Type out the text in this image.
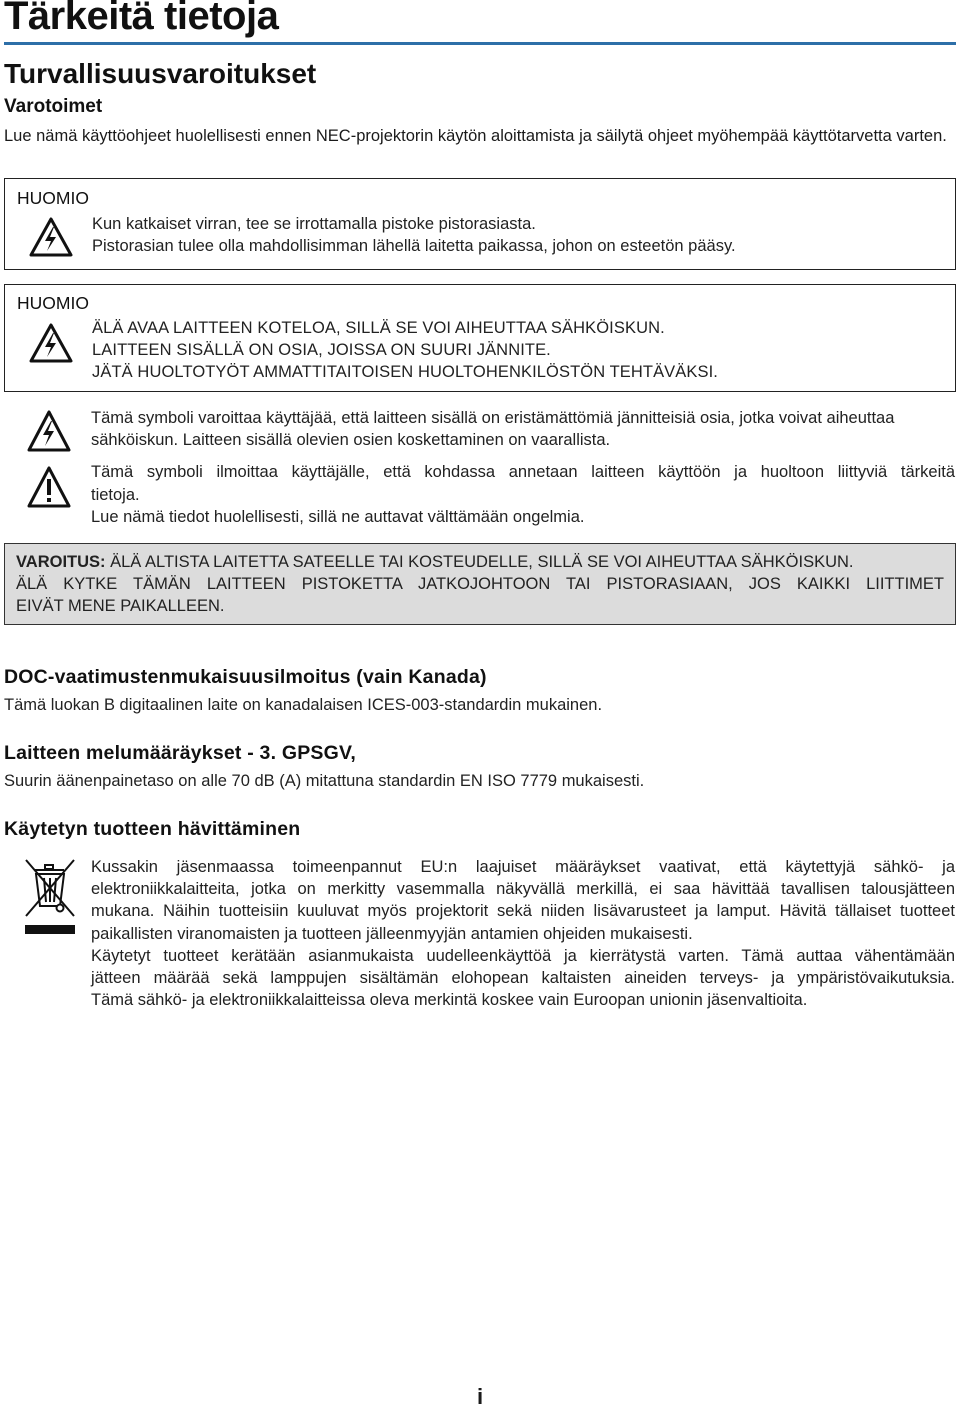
Tärkeitä tietoja
Turvallisuusvaroitukset
Varotoimet

Lue nämä käyttöohjeet huolellisesti ennen NEC-projektorin käytön aloittamista ja säilytä ohjeet myöhempää käyttötarvetta varten.

HUOMIO
Kun katkaiset virran, tee se irrottamalla pistoke pistorasiasta.
Pistorasian tulee olla mahdollisimman lähellä laitetta paikassa, johon on esteetön pääsy.
HUOMIO
ÄLÄ AVAA LAITTEEN KOTELOA, SILLÄ SE VOI AIHEUTTAA SÄHKÖISKUN.
LAITTEEN SISÄLLÄ ON OSIA, JOISSA ON SUURI JÄNNITE.
JÄTÄ HUOLTOTYÖT AMMATTITAITOISEN HUOLTOHENKILÖSTÖN TEHTÄVÄKSI.
Tämä symboli varoittaa käyttäjää, että laitteen sisällä on eristämättömiä jännitteisiä osia, jotka voivat aiheuttaa
sähköiskun. Laitteen sisällä olevien osien koskettaminen on vaarallista.
Tämä symboli ilmoittaa käyttäjälle, että kohdassa annetaan laitteen käyttöön ja huoltoon liittyviä tärkeitä
tietoja.
Lue nämä tiedot huolellisesti, sillä ne auttavat välttämään ongelmia.
VAROITUS: ÄLÄ ALTISTA LAITETTA SATEELLE TAI KOSTEUDELLE, SILLÄ SE VOI AIHEUTTAA SÄHKÖISKUN.
ÄLÄ KYTKE TÄMÄN LAITTEEN PISTOKETTA JATKOJOHTOON TAI PISTORASIAAN, JOS KAIKKI LIITTIMET
EIVÄT MENE PAIKALLEEN.
DOC-vaatimustenmukaisuusilmoitus (vain Kanada)

Tämä luokan B digitaalinen laite on kanadalaisen ICES-003-standardin mukainen.

Laitteen melumääräykset - 3. GPSGV,

Suurin äänenpainetaso on alle 70 dB (A) mitattuna standardin EN ISO 7779 mukaisesti.

Käytetyn tuotteen hävittäminen
Kussakin jäsenmaassa toimeenpannut EU:n laajuiset määräykset vaativat, että käytettyjä sähkö- ja
elektroniikkalaitteita, jotka on merkitty vasemmalla näkyvällä merkillä, ei saa hävittää tavallisen talousjätteen
mukana. Näihin tuotteisiin kuuluvat myös projektorit sekä niiden lisävarusteet ja lamput. Hävitä tällaiset tuotteet
paikallisten viranomaisten ja tuotteen jälleenmyyjän antamien ohjeiden mukaisesti.
Käytetyt tuotteet kerätään asianmukaista uudelleenkäyttöä ja kierrätystä varten. Tämä auttaa vähentämään
jätteen määrää sekä lamppujen sisältämän elohopean kaltaisten aineiden terveys- ja ympäristövaikutuksia.
Tämä sähkö- ja elektroniikkalaitteissa oleva merkintä koskee vain Euroopan unionin jäsenvaltioita.

i
